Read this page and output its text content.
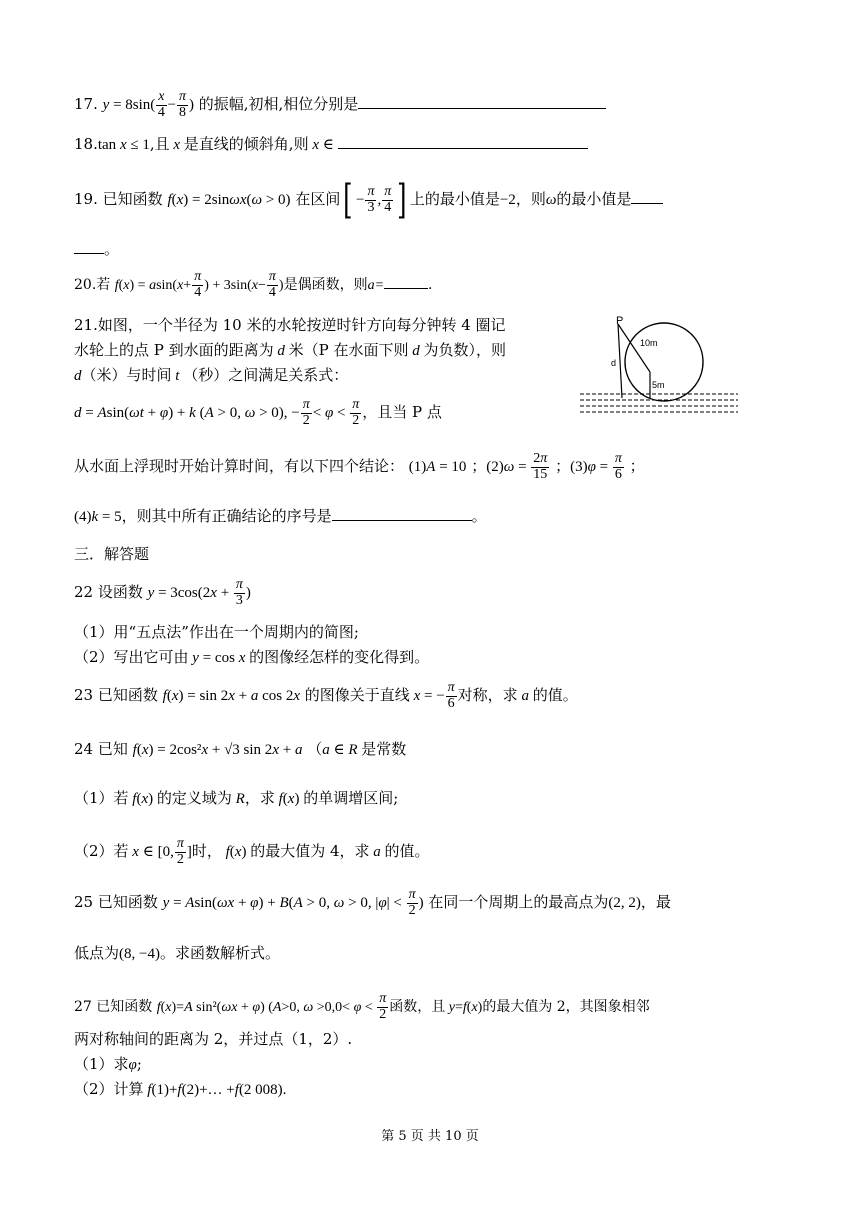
17. $y = 8\sin( \frac{x}{4} - \frac{\pi}{8}$ ) 的振幅,初相,相位分别是
18.tan x ≤ 1,且 x 是直线的倾斜角,则 x ∈
19. 已知函数 f(x) = 2sinωx(ω > 0) 在区间[ − $\frac{\pi}{3}$ , $\frac{\pi}{4}$ ] 上的最小值是−2，则ω的最小值是
。
20.若 $f(x) = asin(x+ \frac{\pi}{4}$ ) + $3\sin(x- \frac{\pi}{4}$ )是偶函数，则a=	.
21.如图，一个半径为 10 米的水轮按逆时针方向每分钟转 4 圈记
水轮上的点 P 到水面的距离为 d 米（P 在水面下则 d 为负数），则
d（米）与时间 t （秒）之间满足关系式：
d = Asin(ωt + φ) + k (A > 0, ω > 0), − $\frac{\pi}{2} < \varphi < \frac{\pi}{2}$ ，且当 P 点
从水面上浮现时开始计算时间，有以下四个结论： (1)A = 10 ；$(2)\omega = \frac{2\pi}{15}$ ；$(3)\varphi = \frac{\pi}{6}$ ；
(4)k = 5，则其中所有正确结论的序号是	。
P
10m
d
5m
三．解答题
22 设函数 $y = 3\cos(2x + \frac{\pi}{3}$ )
（1）用“五点法”作出在一个周期内的简图;
（2）写出它可由 y = cos x 的图像经怎样的变化得到。
23 已知函数 f(x) = sin 2x + a cos 2x 的图像关于直线 x = − $\frac{\pi}{6}$ 对称，求 a 的值。
24 已知 f(x) = 2cos²x + √3 sin 2x + a （a ∈ R 是常数
（1）若 f(x) 的定义域为 R，求 f(x) 的单调增区间;
（2）若 x ∈ [0, $\frac{\pi}{2}$ ]时， f(x) 的最大值为 4，求 a 的值。
25 已知函数 y = Asin(ωx + φ) + B(A > 0, ω > 0, $|\varphi| < \frac{\pi}{2}$ ) 在同一个周期上的最高点为(2, 2)，最
低点为(8, −4)。求函数解析式。
27 已知函数 f(x)=A sin²(ωx + φ) (A>0, $\omega >0,0< \varphi < \frac{\pi}{2}$ 函数，且 y=f(x)的最大值为 2，其图象相邻
两对称轴间的距离为 2，并过点（1，2）.
（1）求φ;
（2）计算 f(1)+f(2)+… +f(2 008).
第 5 页 共 10 页
